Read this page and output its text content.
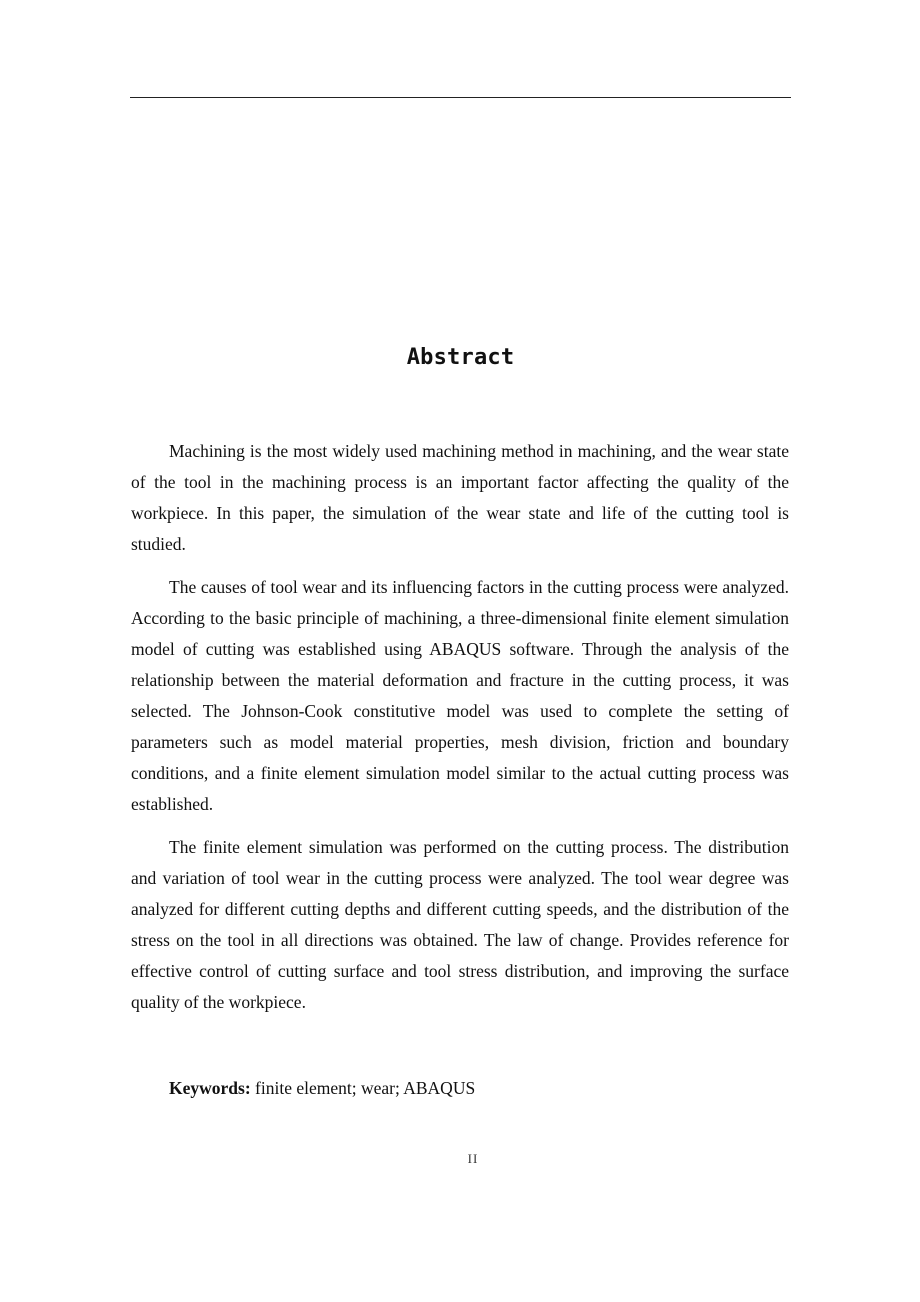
Abstract

Machining is the most widely used machining method in machining, and the wear state of the tool in the machining process is an important factor affecting the quality of the workpiece. In this paper, the simulation of the wear state and life of the cutting tool is studied.

The causes of tool wear and its influencing factors in the cutting process were analyzed. According to the basic principle of machining, a three-dimensional finite element simulation model of cutting was established using ABAQUS software. Through the analysis of the relationship between the material deformation and fracture in the cutting process, it was selected. The Johnson-Cook constitutive model was used to complete the setting of parameters such as model material properties, mesh division, friction and boundary conditions, and a finite element simulation model similar to the actual cutting process was established.

The finite element simulation was performed on the cutting process. The distribution and variation of tool wear in the cutting process were analyzed. The tool wear degree was analyzed for different cutting depths and different cutting speeds, and the distribution of the stress on the tool in all directions was obtained. The law of change. Provides reference for effective control of cutting surface and tool stress distribution, and improving the surface quality of the workpiece.

Keywords: finite element; wear; ABAQUS
II
